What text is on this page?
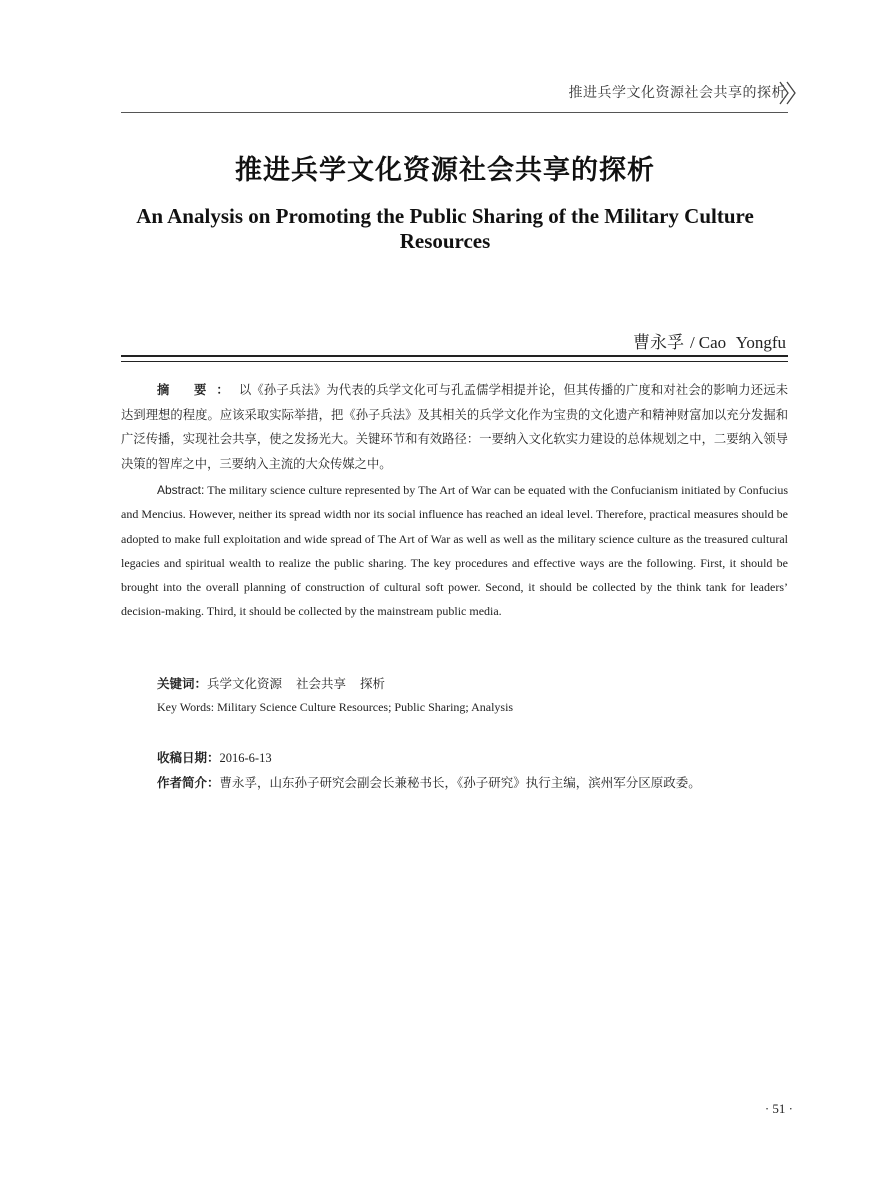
推进兵学文化资源社会共享的探析
推进兵学文化资源社会共享的探析
An Analysis on Promoting the Public Sharing of the Military Culture Resources
曹永孚 / Cao Yongfu
摘 要：以《孙子兵法》为代表的兵学文化可与孔孟儒学相提并论，但其传播的广度和对社会的影响力还远未达到理想的程度。应该采取实际举措，把《孙子兵法》及其相关的兵学文化作为宝贵的文化遗产和精神财富加以充分发掘和广泛传播，实现社会共享，使之发扬光大。关键环节和有效路径：一要纳入文化软实力建设的总体规划之中，二要纳入领导决策的智库之中，三要纳入主流的大众传媒之中。
Abstract: The military science culture represented by The Art of War can be equated with the Confucianism initiated by Confucius and Mencius. However, neither its spread width nor its social influence has reached an ideal level. Therefore, practical measures should be adopted to make full exploitation and wide spread of The Art of War as well as well as the military science culture as the treasured cultural legacies and spiritual wealth to realize the public sharing. The key procedures and effective ways are the following. First, it should be brought into the overall planning of construction of cultural soft power. Second, it should be collected by the think tank for leaders’ decision-making. Third, it should be collected by the mainstream public media.
关键词：兵学文化资源 社会共享 探析
Key Words: Military Science Culture Resources; Public Sharing; Analysis
收稿日期：2016-6-13
作者简介：曹永孚，山东孙子研究会副会长兼秘书长，《孙子研究》执行主编，滨州军分区原政委。
· 51 ·
